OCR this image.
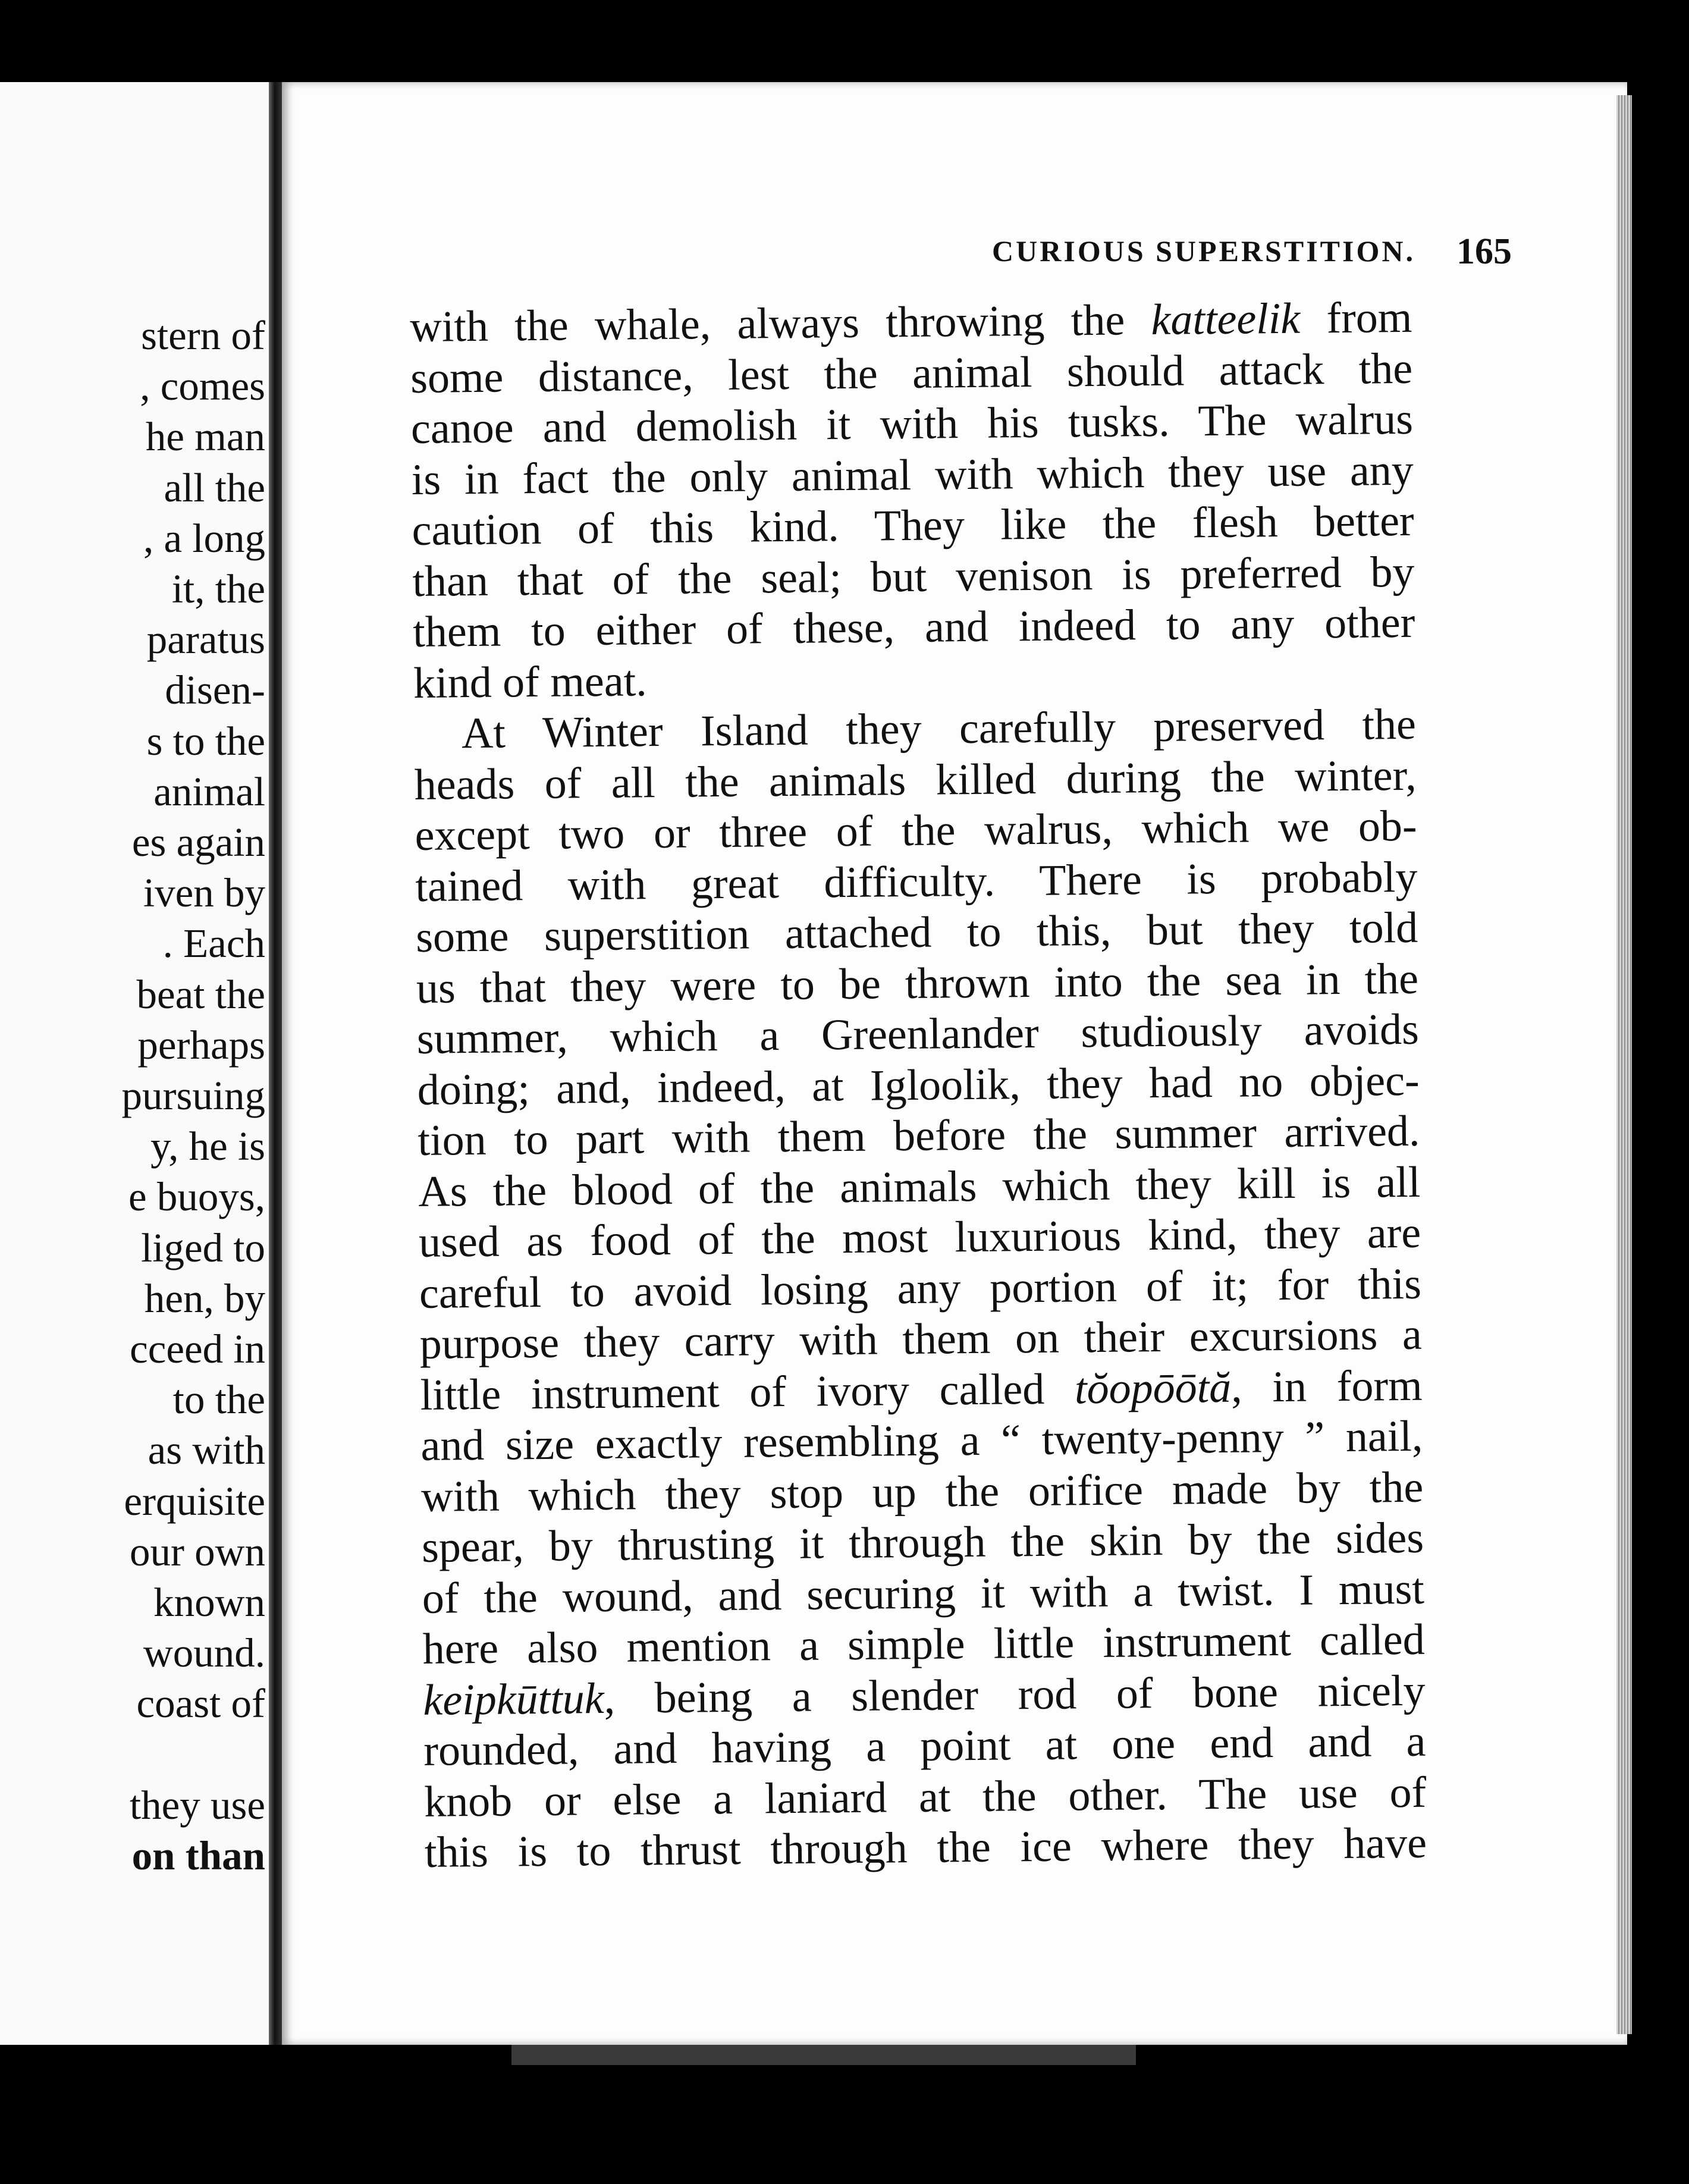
stern of
, comes
he man
all the
, a long
it, the
paratus
disen-
s to the
animal
es again
iven by
. Each
beat the
perhaps
pursuing
y, he is
e buoys,
liged to
hen, by
cceed in
to the
as with
erquisite
our own
known
wound.
coast of
they use
on than
CURIOUS SUPERSTITION.	165
with the whale, always throwing the katteelik from
some distance, lest the animal should attack the
canoe and demolish it with his tusks. The walrus
is in fact the only animal with which they use any
caution of this kind. They like the flesh better
than that of the seal; but venison is preferred by
them to either of these, and indeed to any other
kind of meat.
At Winter Island they carefully preserved the
heads of all the animals killed during the winter,
except two or three of the walrus, which we ob-
tained with great difficulty. There is probably
some superstition attached to this, but they told
us that they were to be thrown into the sea in the
summer, which a Greenlander studiously avoids
doing; and, indeed, at Igloolik, they had no objec-
tion to part with them before the summer arrived.
As the blood of the animals which they kill is all
used as food of the most luxurious kind, they are
careful to avoid losing any portion of it; for this
purpose they carry with them on their excursions a
little instrument of ivory called tŏopōōtă, in form
and size exactly resembling a “ twenty-penny ” nail,
with which they stop up the orifice made by the
spear, by thrusting it through the skin by the sides
of the wound, and securing it with a twist. I must
here also mention a simple little instrument called
keipkūttuk, being a slender rod of bone nicely
rounded, and having a point at one end and a
knob or else a laniard at the other. The use of
this is to thrust through the ice where they have
